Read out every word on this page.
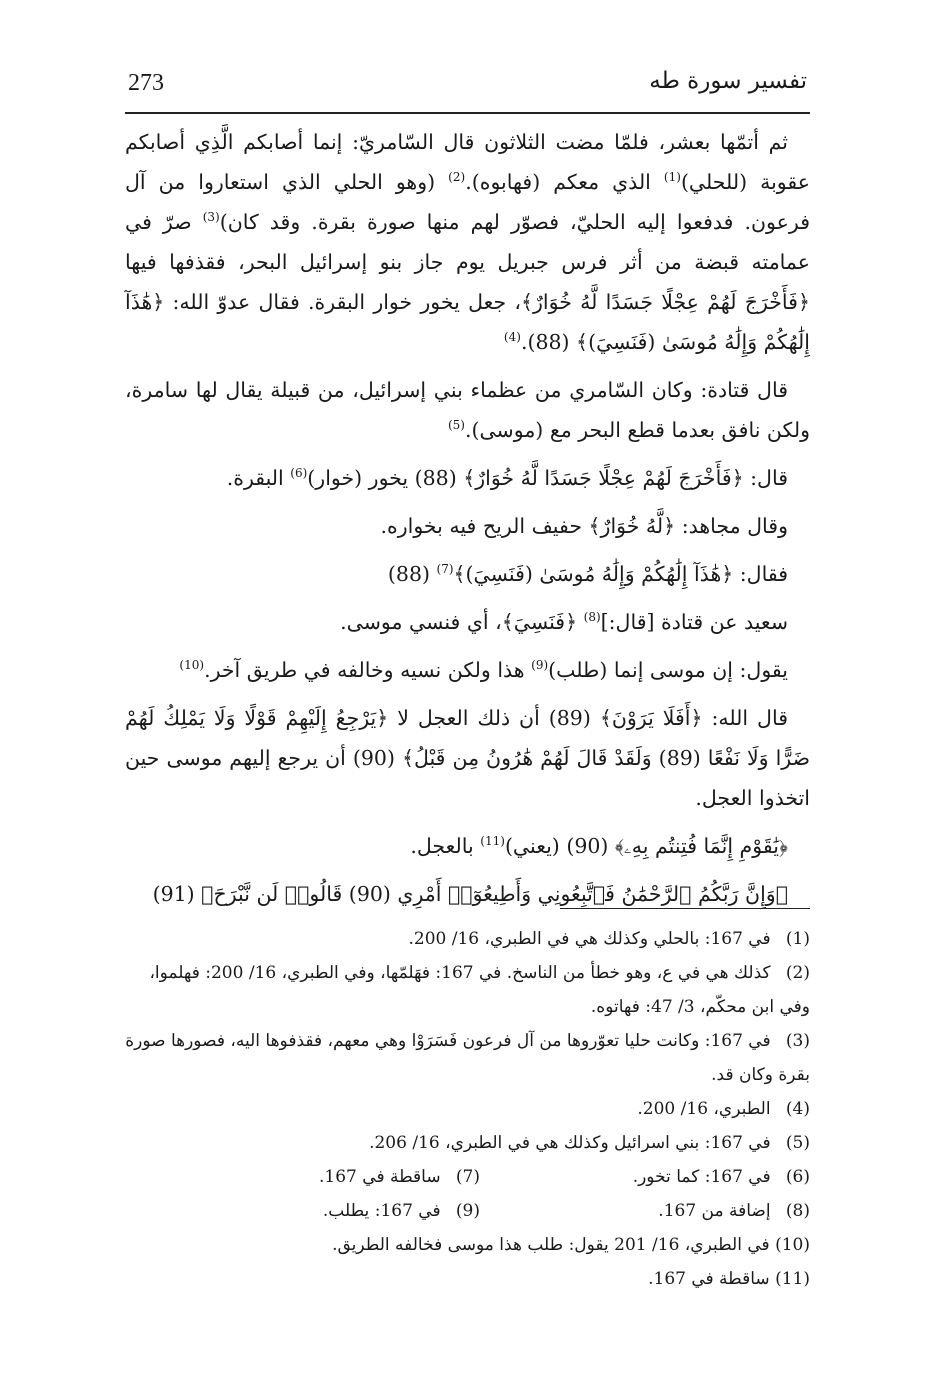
273	تفسير سورة طه

ثم أتمّها بعشر، فلمّا مضت الثلاثون قال السّامريّ: إنما أصابكم الَّذِي أصابكم عقوبة (للحلي)$^{(1)}$ الذي معكم (فهابوه).$^{(2)}$ (وهو الحلي الذي استعاروا من آل فرعون. فدفعوا إليه الحليّ، فصوّر لهم منها صورة بقرة. وقد كان)$^{(3)}$ صرّ في عمامته قبضة من أثر فرس جبريل يوم جاز بنو إسرائيل البحر، فقذفها فيها ﴿فَأَخْرَجَ لَهُمْ عِجْلًا جَسَدًا لَّهُ خُوَارٌ﴾، جعل يخور خوار البقرة. فقال عدوّ الله: ﴿هَٰذَآ إِلَٰهُكُمْ وَإِلَٰهُ مُوسَىٰ (فَنَسِيَ)﴾ (88).$^{(4)}$

قال قتادة: وكان السّامري من عظماء بني إسرائيل، من قبيلة يقال لها سامرة، ولكن نافق بعدما قطع البحر مع (موسى).$^{(5)}$

قال: ﴿فَأَخْرَجَ لَهُمْ عِجْلًا جَسَدًا لَّهُ خُوَارٌ﴾ (88) يخور (خوار)$^{(6)}$ البقرة.

وقال مجاهد: ﴿لَّهُ خُوَارٌ﴾ حفيف الريح فيه بخواره.

فقال: ﴿هَٰذَآ إِلَٰهُكُمْ وَإِلَٰهُ مُوسَىٰ (فَنَسِيَ)﴾$^{(7)}$ (88)

سعيد عن قتادة [قال:]$^{(8)}$ ﴿فَنَسِيَ﴾، أي فنسي موسى.

يقول: إن موسى إنما (طلب)$^{(9)}$ هذا ولكن نسيه وخالفه في طريق آخر.$^{(10)}$

قال الله: ﴿أَفَلَا يَرَوْنَ﴾ (89) أن ذلك العجل لا ﴿يَرْجِعُ إِلَيْهِمْ قَوْلًا وَلَا يَمْلِكُ لَهُمْ ضَرًّا وَلَا نَفْعًا (89) وَلَقَدْ قَالَ لَهُمْ هَٰرُونُ مِن قَبْلُ﴾ (90) أن يرجع إليهم موسى حين اتخذوا العجل.

﴿يَٰقَوْمِ إِنَّمَا فُتِنتُم بِهِۦ﴾ (90) (يعني)$^{(11)}$ بالعجل.

﴿وَإِنَّ رَبَّكُمُ ٱلرَّحْمَٰنُ فَٱتَّبِعُونِي وَأَطِيعُوٓا۟ أَمْرِي (90) قَالُوا۟ لَن نَّبْرَحَ﴾ (91)

(1) في 167: بالحلي وكذلك هي في الطبري، 16/ 200.

(2) كذلك هي في ع، وهو خطأ من الناسخ. في 167: فهَلمّها، وفي الطبري، 16/ 200: فهلموا، وفي ابن محكّم، 3/ 47: فهاتوه.

(3) في 167: وكانت حليا تعوّروها من آل فرعون فَسَرَوْا وهي معهم، فقذفوها اليه، فصورها صورة بقرة وكان قد.

(4) الطبري، 16/ 200.

(5) في 167: بني اسرائيل وكذلك هي في الطبري، 16/ 206.

(6) في 167: كما تخور.

(7) ساقطة في 167.

(8) إضافة من 167.

(9) في 167: يطلب.

(10) في الطبري، 16/ 201 يقول: طلب هذا موسى فخالفه الطريق.

(11) ساقطة في 167.
